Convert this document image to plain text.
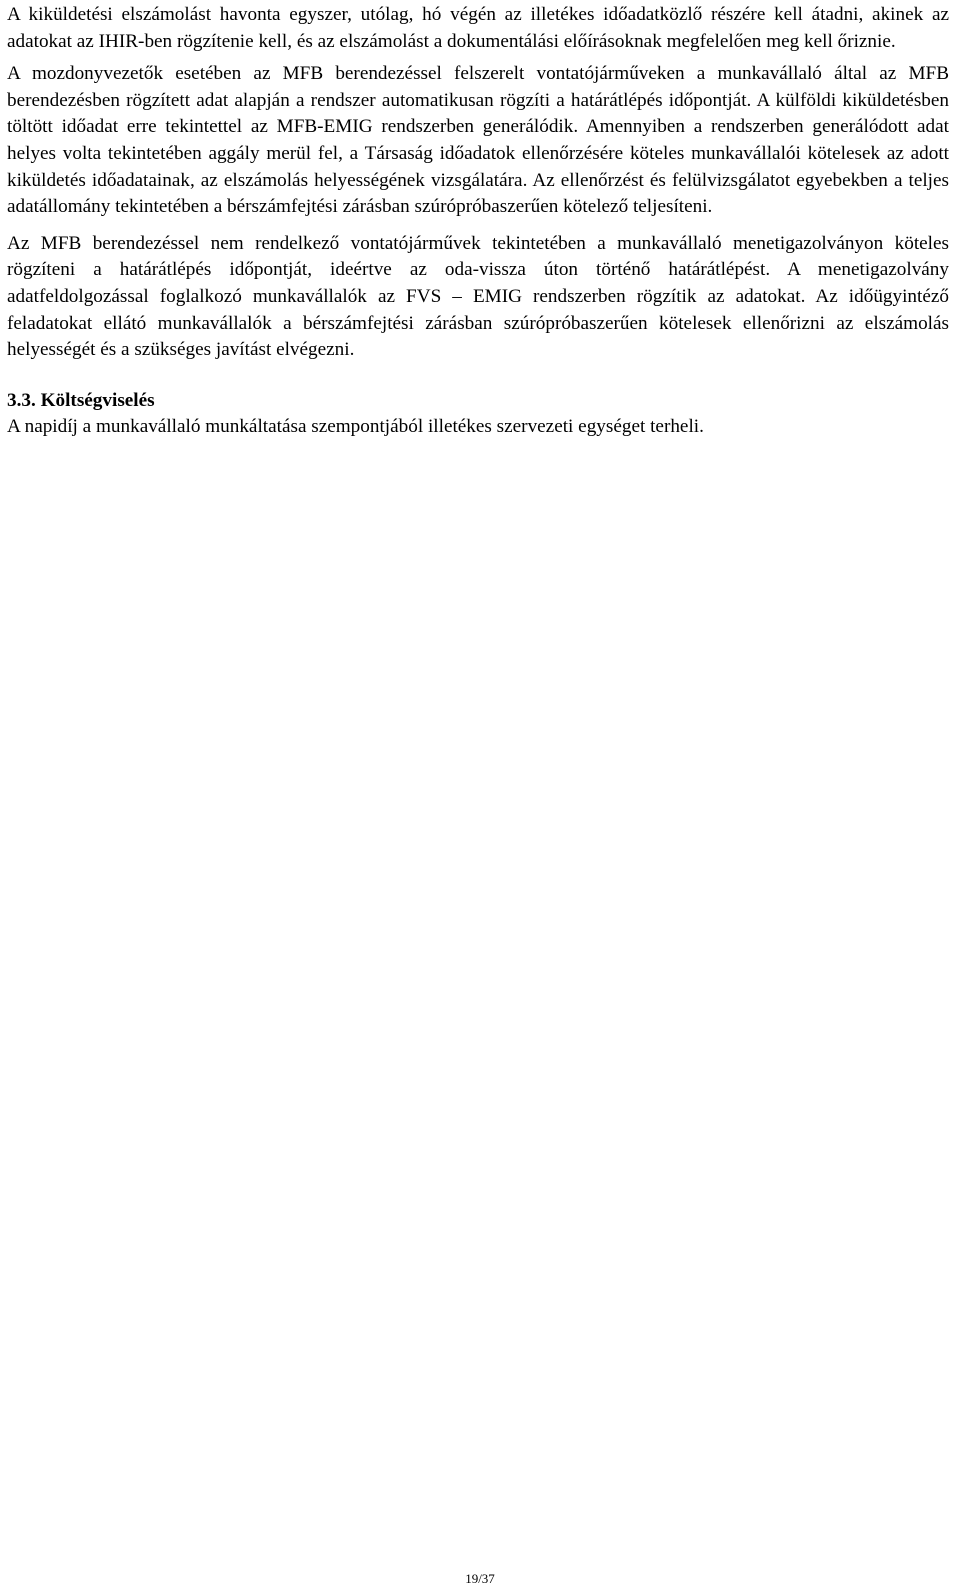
A kiküldetési elszámolást havonta egyszer, utólag, hó végén az illetékes időadatközlő részére kell átadni, akinek az adatokat az IHIR-ben rögzítenie kell, és az elszámolást a dokumentálási előírásoknak megfelelően meg kell őriznie.

A mozdonyvezetők esetében az MFB berendezéssel felszerelt vontatójárműveken a munkavállaló által az MFB berendezésben rögzített adat alapján a rendszer automatikusan rögzíti a határátlépés időpontját. A külföldi kiküldetésben töltött időadat erre tekintettel az MFB-EMIG rendszerben generálódik. Amennyiben a rendszerben generálódott adat helyes volta tekintetében aggály merül fel, a Társaság időadatok ellenőrzésére köteles munkavállalói kötelesek az adott kiküldetés időadatainak, az elszámolás helyességének vizsgálatára. Az ellenőrzést és felülvizsgálatot egyebekben a teljes adatállomány tekintetében a bérszámfejtési zárásban szúrópróbaszerűen kötelező teljesíteni.

Az MFB berendezéssel nem rendelkező vontatójárművek tekintetében a munkavállaló menetigazolványon köteles rögzíteni a határátlépés időpontját, ideértve az oda-vissza úton történő határátlépést. A menetigazolvány adatfeldolgozással foglalkozó munkavállalók az FVS – EMIG rendszerben rögzítik az adatokat. Az időügyintéző feladatokat ellátó munkavállalók a bérszámfejtési zárásban szúrópróbaszerűen kötelesek ellenőrizni az elszámolás helyességét és a szükséges javítást elvégezni.

3.3. Költségviselés

A napidíj a munkavállaló munkáltatása szempontjából illetékes szervezeti egységet terheli.

19/37
